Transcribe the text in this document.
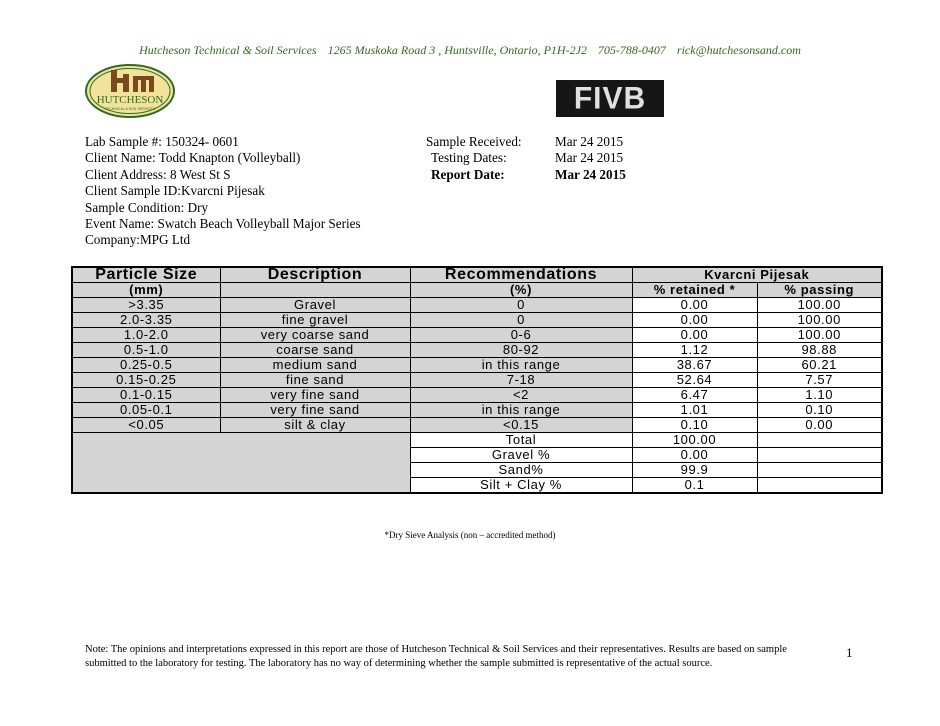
Hutcheson Technical & Soil Services 1265 Muskoka Road 3 , Huntsville, Ontario, P1H-2J2 705-788-0407 rick@hutchesonsand.com
HUTCHESON
TECHNICAL & SOIL SERVICES	FIVB
Lab Sample #: 150324- 0601
Client Name: Todd Knapton (Volleyball)
Client Address: 8 West St S
Client Sample ID:Kvarcni Pijesak
Sample Condition: Dry
Event Name: Swatch Beach Volleyball Major Series
Company:MPG Ltd
Sample Received:	Mar 24 2015
Testing Dates:	Mar 24 2015
Report Date:	Mar 24 2015
Particle Size	Description	Recommendations	Kvarcni Pijesak	
(mm)		(%)	% retained *	% passing
>3.35	Gravel	0	0.00	100.00
2.0-3.35	fine gravel	0	0.00	100.00
1.0-2.0	very coarse sand	0-6	0.00	100.00
0.5-1.0	coarse sand	80-92	1.12	98.88
0.25-0.5	medium sand	in this range	38.67	60.21
0.15-0.25	fine sand	7-18	52.64	7.57
0.1-0.15	very fine sand	<2	6.47	1.10
0.05-0.1	very fine sand	in this range	1.01	0.10
<0.05	silt & clay	<0.15	0.10	0.00
		Total	100.00	
		Gravel %	0.00	
		Sand%	99.9	
		Silt + Clay %	0.1	
*Dry Sieve Analysis (non – accredited method)
Note: The opinions and interpretations expressed in this report are those of Hutcheson Technical & Soil Services and their representatives. Results are based on sample submitted to the laboratory for testing. The laboratory has no way of determining whether the sample submitted is representative of the actual source.
1
